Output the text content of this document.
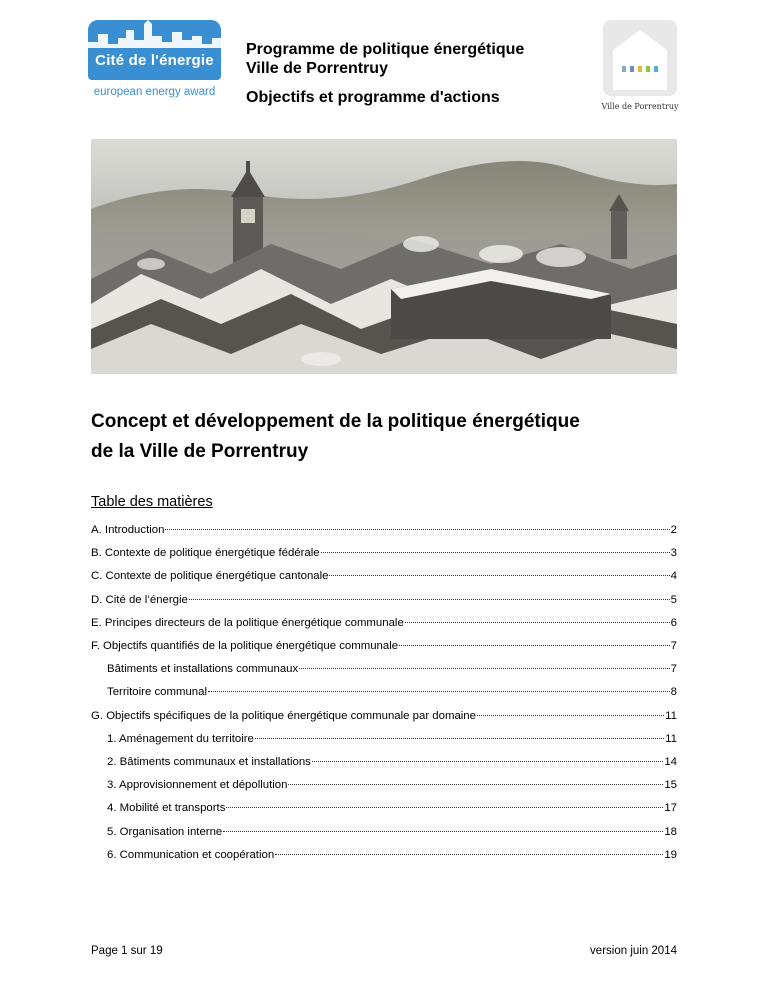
Cité de l'énergie
european energy award
Programme de politique énergétique
Ville de Porrentruy
Objectifs et programme d'actions
Ville de Porrentruy
Concept et développement de la politique énergétique
de la Ville de Porrentruy
Table des matières
A. Introduction	2
B. Contexte de politique énergétique fédérale	3
C. Contexte de politique énergétique cantonale	4
D. Cité de l’énergie	5
E. Principes directeurs de la politique énergétique communale	6
F. Objectifs quantifiés de la politique énergétique communale	7
Bâtiments et installations communaux	7
Territoire communal	8
G. Objectifs spécifiques de la politique énergétique communale par domaine	11
1. Aménagement du territoire	11
2. Bâtiments communaux et installations	14
3. Approvisionnement et dépollution	15
4. Mobilité et transports	17
5. Organisation interne	18
6. Communication et coopération	19
Page 1 sur 19	version juin 2014
